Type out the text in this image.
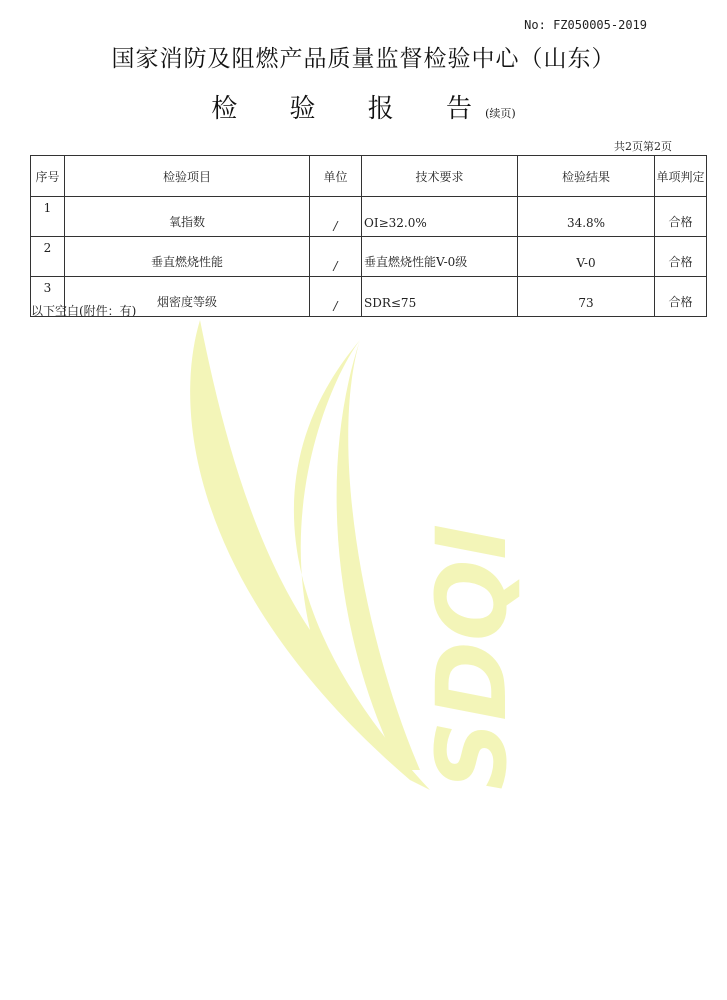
SDQI
No: FZ050005-2019
国家消防及阻燃产品质量监督检验中心（山东）
检 验 报 告 (续页)
共2页第2页
序号	检验项目	单位	技术要求	检验结果	单项判定
1	氧指数	/	OI≥32.0%	34.8%	合格
2	垂直燃烧性能	/	垂直燃烧性能V-0级	V-0	合格
3	烟密度等级	/	SDR≤75	73	合格
以下空白(附件：有)
